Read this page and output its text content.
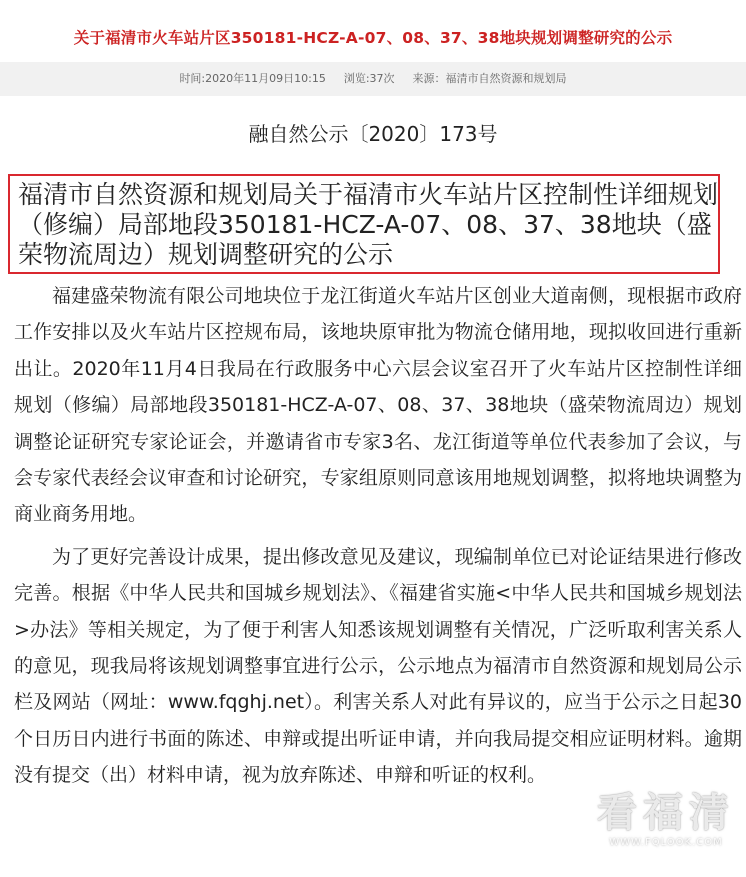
关于福清市火车站片区350181-HCZ-A-07、08、37、38地块规划调整研究的公示
时间:2020年11月09日10:15 浏览:37次 来源：福清市自然资源和规划局
融自然公示〔2020〕173号
福清市自然资源和规划局关于福清市火车站片区控制性详细规划（修编）局部地段350181-HCZ-A-07、08、37、38地块（盛荣物流周边）规划调整研究的公示

福建盛荣物流有限公司地块位于龙江街道火车站片区创业大道南侧，现根据市政府工作安排以及火车站片区控规布局，该地块原审批为物流仓储用地，现拟收回进行重新出让。2020年11月4日我局在行政服务中心六层会议室召开了火车站片区控制性详细规划（修编）局部地段350181-HCZ-A-07、08、37、38地块（盛荣物流周边）规划调整论证研究专家论证会，并邀请省市专家3名、龙江街道等单位代表参加了会议，与会专家代表经会议审查和讨论研究，专家组原则同意该用地规划调整，拟将地块调整为商业商务用地。

为了更好完善设计成果，提出修改意见及建议，现编制单位已对论证结果进行修改完善。根据《中华人民共和国城乡规划法》、《福建省实施<中华人民共和国城乡规划法>办法》等相关规定，为了便于利害人知悉该规划调整有关情况，广泛听取利害关系人的意见，现我局将该规划调整事宜进行公示，公示地点为福清市自然资源和规划局公示栏及网站（网址：www.fqghj.net）。利害关系人对此有异议的，应当于公示之日起30个日历日内进行书面的陈述、申辩或提出听证申请，并向我局提交相应证明材料。逾期没有提交（出）材料申请，视为放弃陈述、申辩和听证的权利。

看福清
WWW.FQLOOK.COM
